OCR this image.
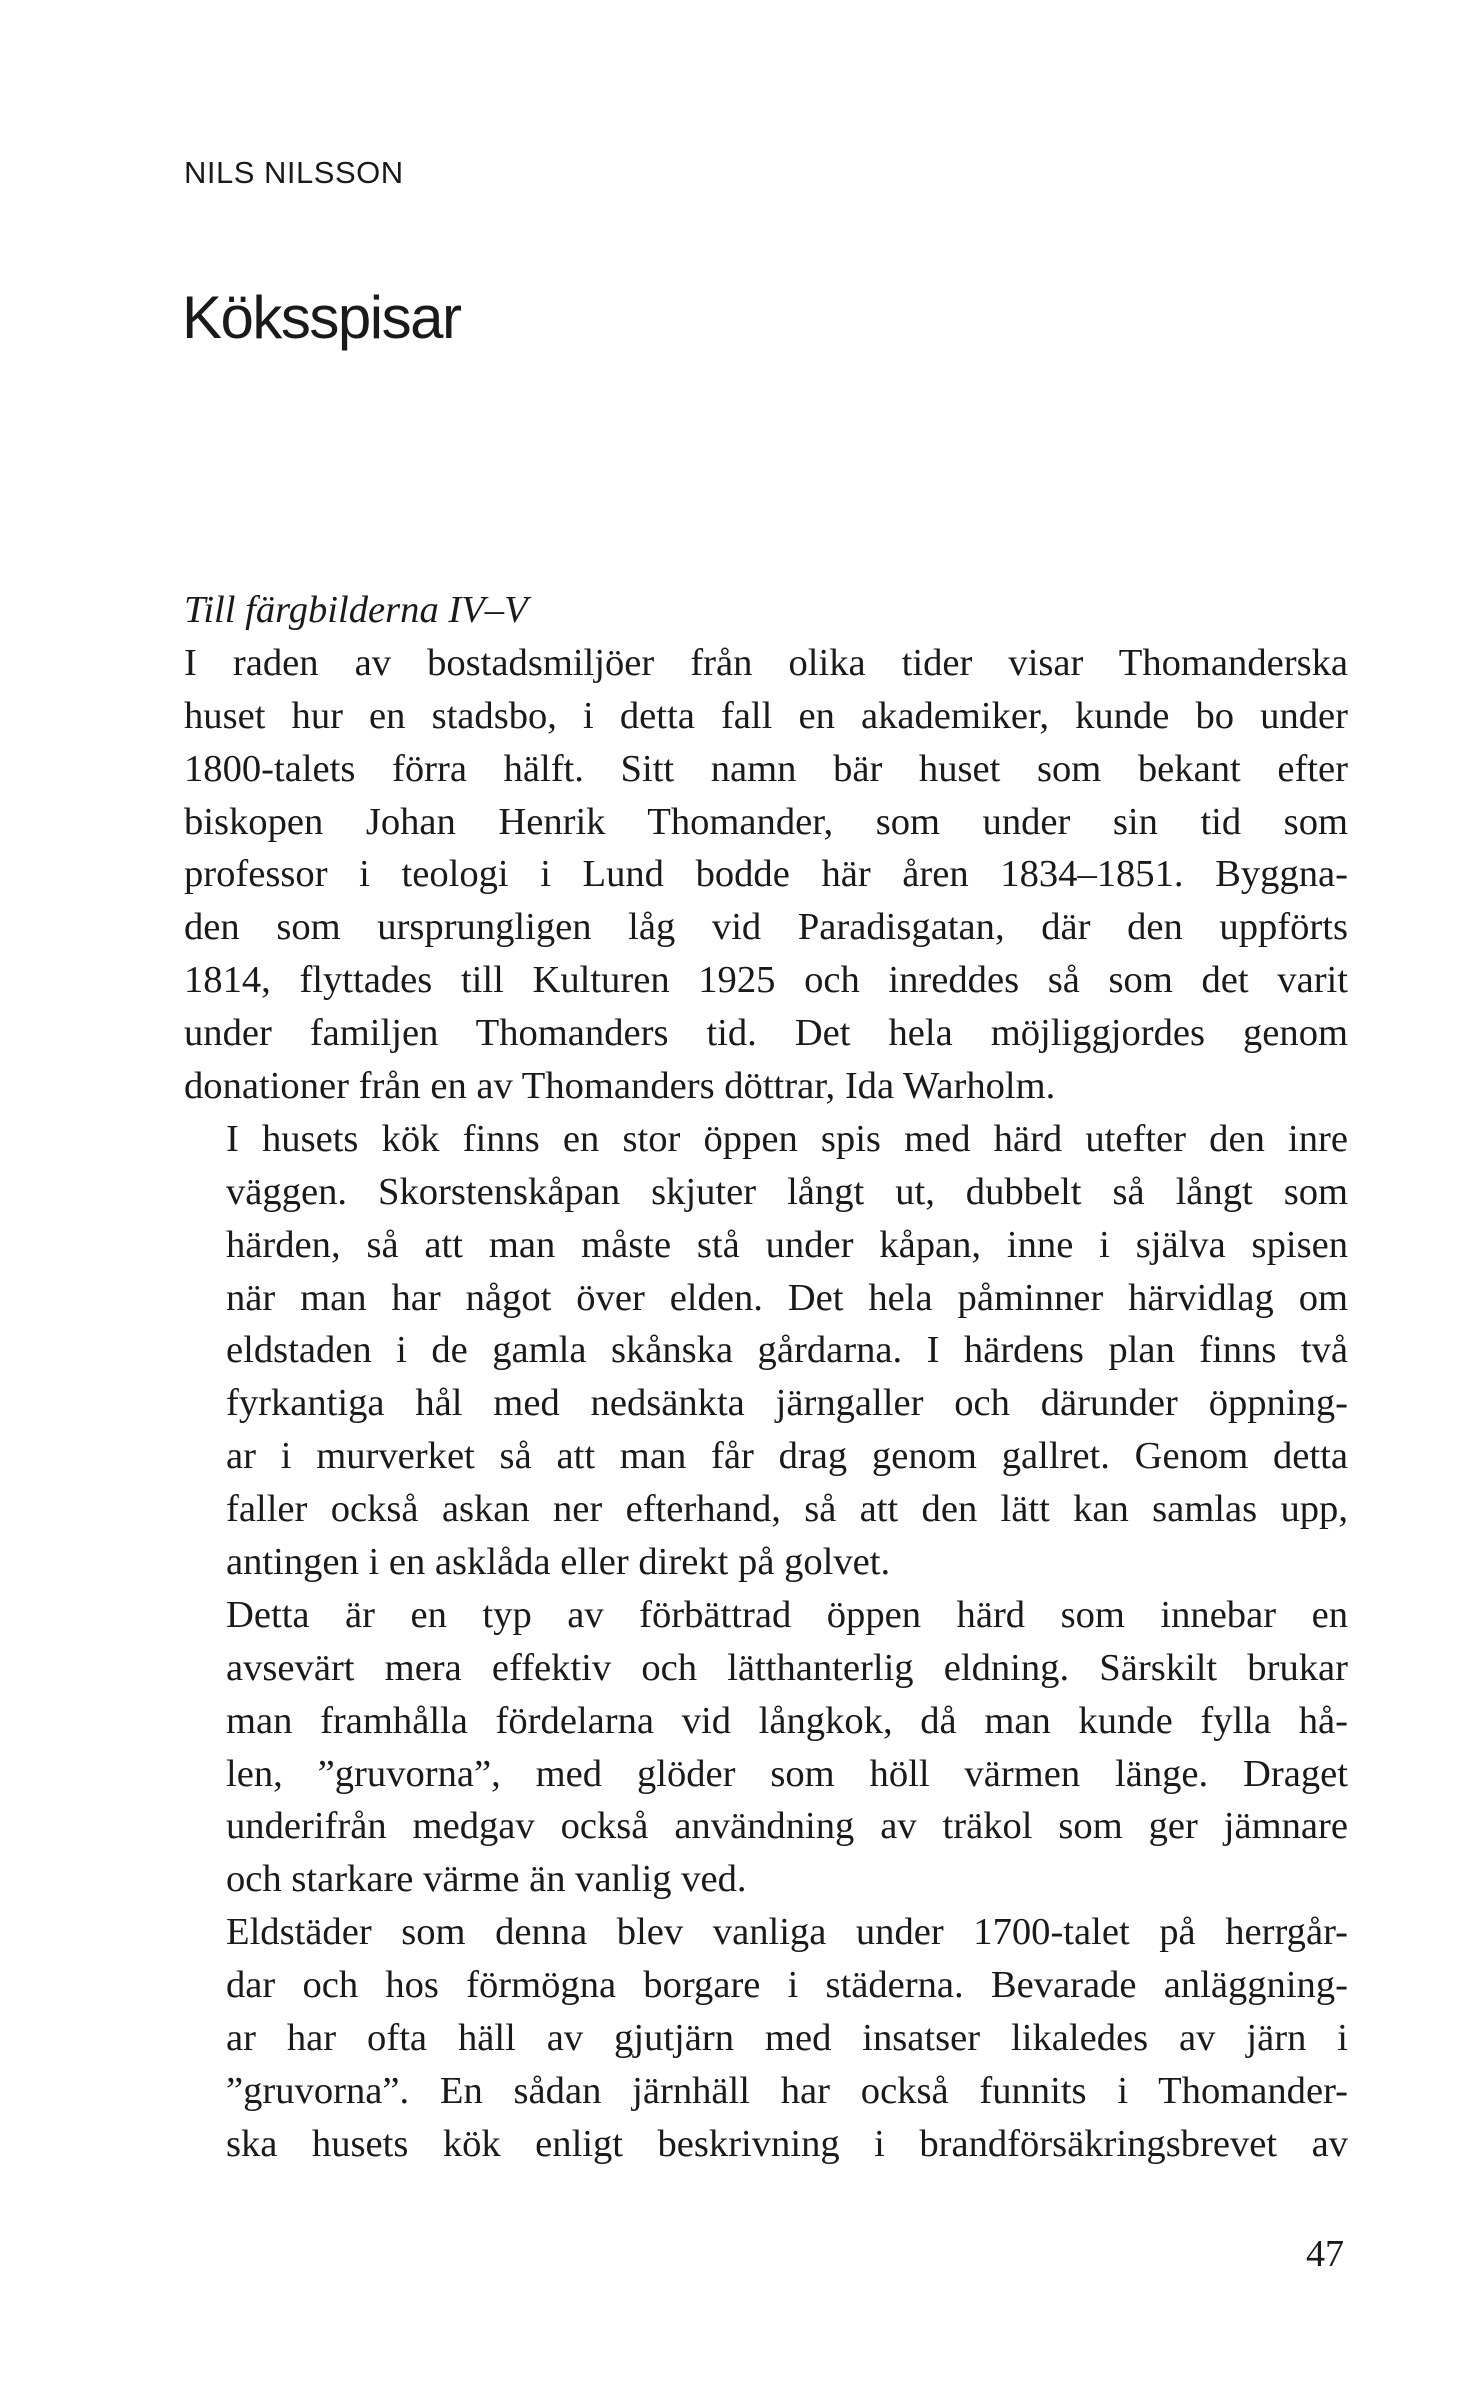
NILS NILSSON

Köksspisar

Till färgbilderna IV–V

I raden av bostadsmiljöer från olika tider visar Thomanderska
huset hur en stadsbo, i detta fall en akademiker, kunde bo under
1800-talets förra hälft. Sitt namn bär huset som bekant efter
biskopen Johan Henrik Thomander, som under sin tid som
professor i teologi i Lund bodde här åren 1834–1851. Byggna-
den som ursprungligen låg vid Paradisgatan, där den uppförts
1814, flyttades till Kulturen 1925 och inreddes så som det varit
under familjen Thomanders tid. Det hela möjliggjordes genom
donationer från en av Thomanders döttrar, Ida Warholm.
I husets kök finns en stor öppen spis med härd utefter den inre
väggen. Skorstenskåpan skjuter långt ut, dubbelt så långt som
härden, så att man måste stå under kåpan, inne i själva spisen
när man har något över elden. Det hela påminner härvidlag om
eldstaden i de gamla skånska gårdarna. I härdens plan finns två
fyrkantiga hål med nedsänkta järngaller och därunder öppning-
ar i murverket så att man får drag genom gallret. Genom detta
faller också askan ner efterhand, så att den lätt kan samlas upp,
antingen i en asklåda eller direkt på golvet.
Detta är en typ av förbättrad öppen härd som innebar en
avsevärt mera effektiv och lätthanterlig eldning. Särskilt brukar
man framhålla fördelarna vid långkok, då man kunde fylla hå-
len, ”gruvorna”, med glöder som höll värmen länge. Draget
underifrån medgav också användning av träkol som ger jämnare
och starkare värme än vanlig ved.
Eldstäder som denna blev vanliga under 1700-talet på herrgår-
dar och hos förmögna borgare i städerna. Bevarade anläggning-
ar har ofta häll av gjutjärn med insatser likaledes av järn i
”gruvorna”. En sådan järnhäll har också funnits i Thomander-
ska husets kök enligt beskrivning i brandförsäkringsbrevet av

47
